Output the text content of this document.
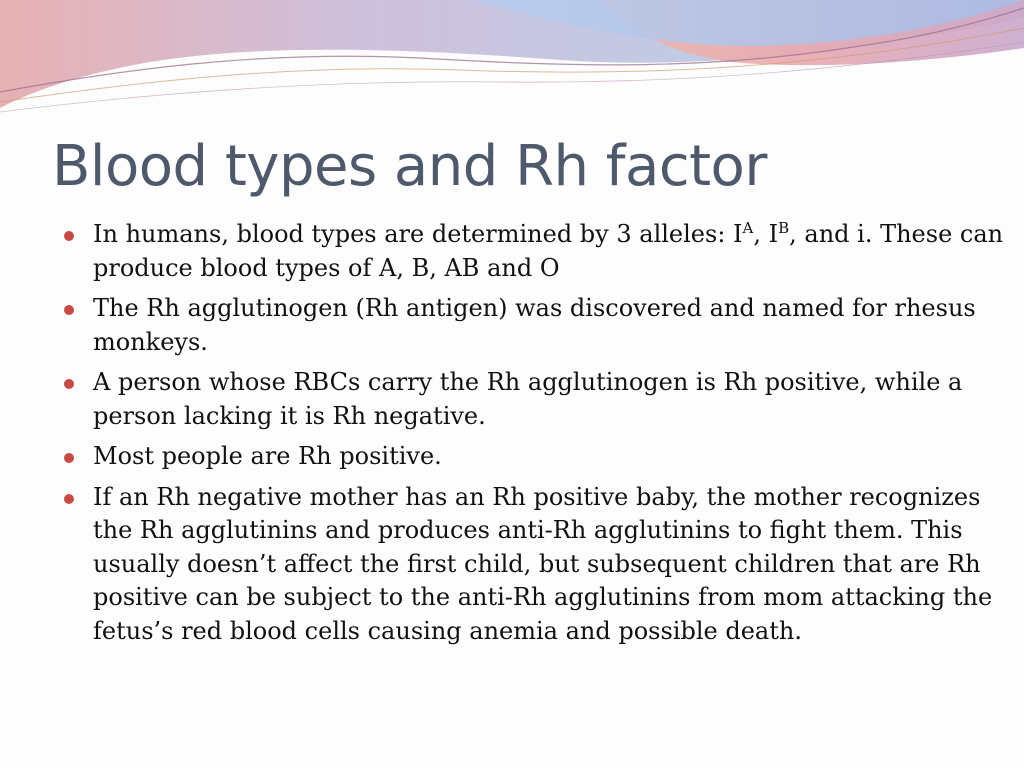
Blood types and Rh factor
In humans, blood types are determined by 3 alleles: $I^A$, $I^B$, and i. These can produce blood types of A, B, AB and O
The Rh agglutinogen (Rh antigen) was discovered and named for rhesus monkeys.
A person whose RBCs carry the Rh agglutinogen is Rh positive, while a person lacking it is Rh negative.
Most people are Rh positive.
If an Rh negative mother has an Rh positive baby, the mother recognizes the Rh agglutinins and produces anti-Rh agglutinins to fight them. This usually doesn’t affect the first child, but subsequent children that are Rh positive can be subject to the anti-Rh agglutinins from mom attacking the fetus’s red blood cells causing anemia and possible death.
